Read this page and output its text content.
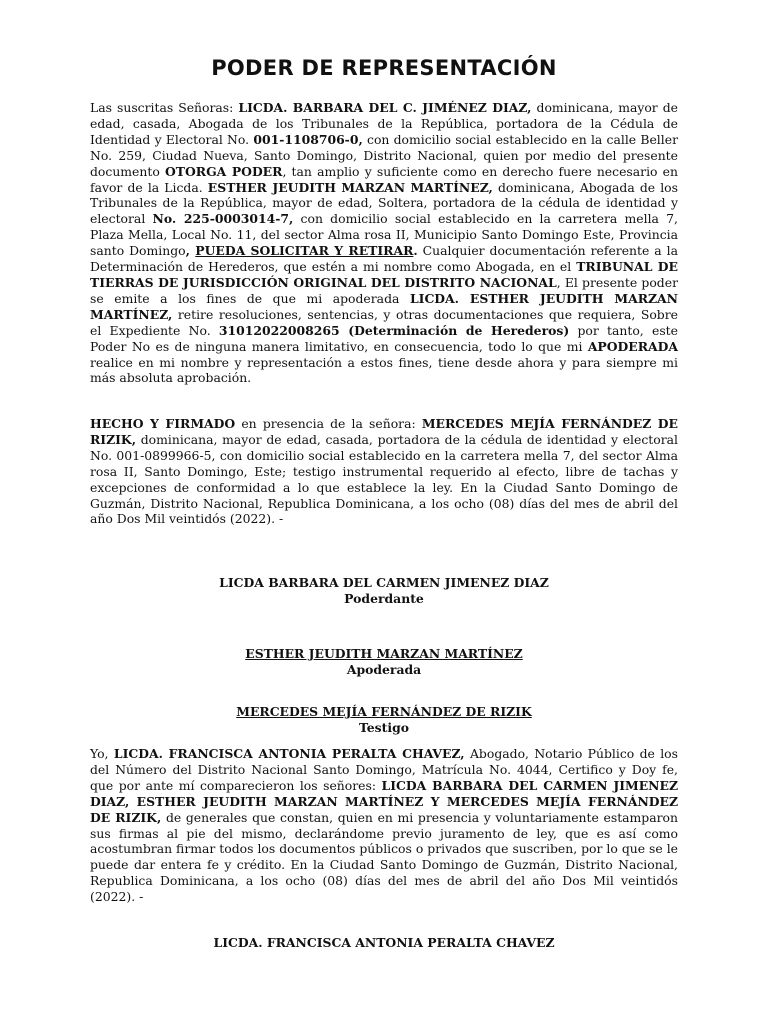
PODER DE REPRESENTACIÓN

Las suscritas Señoras: LICDA. BARBARA DEL C. JIMÉNEZ DIAZ, dominicana, mayor de edad, casada, Abogada de los Tribunales de la República, portadora de la Cédula de Identidad y Electoral No. 001-1108706-0, con domicilio social establecido en la calle Beller No. 259, Ciudad Nueva, Santo Domingo, Distrito Nacional, quien por medio del presente documento OTORGA PODER, tan amplio y suficiente como en derecho fuere necesario en favor de la Licda. ESTHER JEUDITH MARZAN MARTÍNEZ, dominicana, Abogada de los Tribunales de la República, mayor de edad, Soltera, portadora de la cédula de identidad y electoral No. 225-0003014-7, con domicilio social establecido en la carretera mella 7, Plaza Mella, Local No. 11, del sector Alma rosa II, Municipio Santo Domingo Este, Provincia santo Domingo, PUEDA SOLICITAR Y RETIRAR. Cualquier documentación referente a la Determinación de Herederos, que estén a mi nombre como Abogada, en el TRIBUNAL DE TIERRAS DE JURISDICCIÓN ORIGINAL DEL DISTRITO NACIONAL, El presente poder se emite a los fines de que mi apoderada LICDA. ESTHER JEUDITH MARZAN MARTÍNEZ, retire resoluciones, sentencias, y otras documentaciones que requiera, Sobre el Expediente No. 31012022008265 (Determinación de Herederos) por tanto, este Poder No es de ninguna manera limitativo, en consecuencia, todo lo que mi APODERADA realice en mi nombre y representación a estos fines, tiene desde ahora y para siempre mi más absoluta aprobación.

HECHO Y FIRMADO en presencia de la señora: MERCEDES MEJÍA FERNÁNDEZ DE RIZIK, dominicana, mayor de edad, casada, portadora de la cédula de identidad y electoral No. 001-0899966-5, con domicilio social establecido en la carretera mella 7, del sector Alma rosa II, Santo Domingo, Este; testigo instrumental requerido al efecto, libre de tachas y excepciones de conformidad a lo que establece la ley. En la Ciudad Santo Domingo de Guzmán, Distrito Nacional, Republica Dominicana, a los ocho (08) días del mes de abril del año Dos Mil veintidós (2022). -

LICDA BARBARA DEL CARMEN JIMENEZ DIAZ
Poderdante
ESTHER JEUDITH MARZAN MARTÍNEZ
Apoderada
MERCEDES MEJÍA FERNÁNDEZ DE RIZIK
Testigo

Yo, LICDA. FRANCISCA ANTONIA PERALTA CHAVEZ, Abogado, Notario Público de los del Número del Distrito Nacional Santo Domingo, Matrícula No. 4044, Certifico y Doy fe, que por ante mí comparecieron los señores: LICDA BARBARA DEL CARMEN JIMENEZ DIAZ, ESTHER JEUDITH MARZAN MARTÍNEZ Y MERCEDES MEJÍA FERNÁNDEZ DE RIZIK, de generales que constan, quien en mi presencia y voluntariamente estamparon sus firmas al pie del mismo, declarándome previo juramento de ley, que es así como acostumbran firmar todos los documentos públicos o privados que suscriben, por lo que se le puede dar entera fe y crédito. En la Ciudad Santo Domingo de Guzmán, Distrito Nacional, Republica Dominicana, a los ocho (08) días del mes de abril del año Dos Mil veintidós (2022). -

LICDA. FRANCISCA ANTONIA PERALTA CHAVEZ
